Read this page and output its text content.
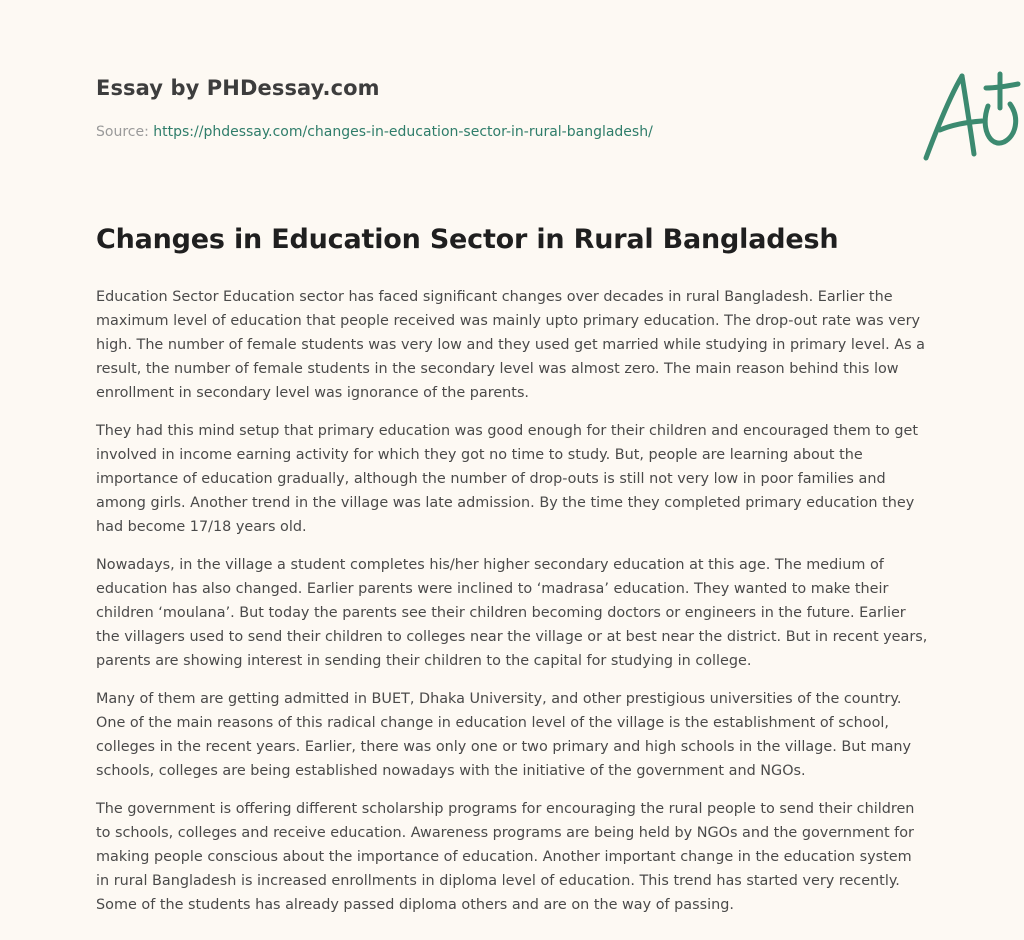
Essay by PHDessay.com
Source: https://phdessay.com/changes-in-education-sector-in-rural-bangladesh/
Changes in Education Sector in Rural Bangladesh

Education Sector Education sector has faced significant changes over decades in rural Bangladesh. Earlier the maximum level of education that people received was mainly upto primary education. The drop-out rate was very high. The number of female students was very low and they used get married while studying in primary level. As a result, the number of female students in the secondary level was almost zero. The main reason behind this low enrollment in secondary level was ignorance of the parents.

They had this mind setup that primary education was good enough for their children and encouraged them to get involved in income earning activity for which they got no time to study. But, people are learning about the importance of education gradually, although the number of drop-outs is still not very low in poor families and among girls. Another trend in the village was late admission. By the time they completed primary education they had become 17/18 years old.

Nowadays, in the village a student completes his/her higher secondary education at this age. The medium of education has also changed. Earlier parents were inclined to ‘madrasa’ education. They wanted to make their children ‘moulana’. But today the parents see their children becoming doctors or engineers in the future. Earlier the villagers used to send their children to colleges near the village or at best near the district. But in recent years, parents are showing interest in sending their children to the capital for studying in college.

Many of them are getting admitted in BUET, Dhaka University, and other prestigious universities of the country. One of the main reasons of this radical change in education level of the village is the establishment of school, colleges in the recent years. Earlier, there was only one or two primary and high schools in the village. But many schools, colleges are being established nowadays with the initiative of the government and NGOs.

The government is offering different scholarship programs for encouraging the rural people to send their children to schools, colleges and receive education. Awareness programs are being held by NGOs and the government for making people conscious about the importance of education. Another important change in the education system in rural Bangladesh is increased enrollments in diploma level of education. This trend has started very recently. Some of the students has already passed diploma others and are on the way of passing.
